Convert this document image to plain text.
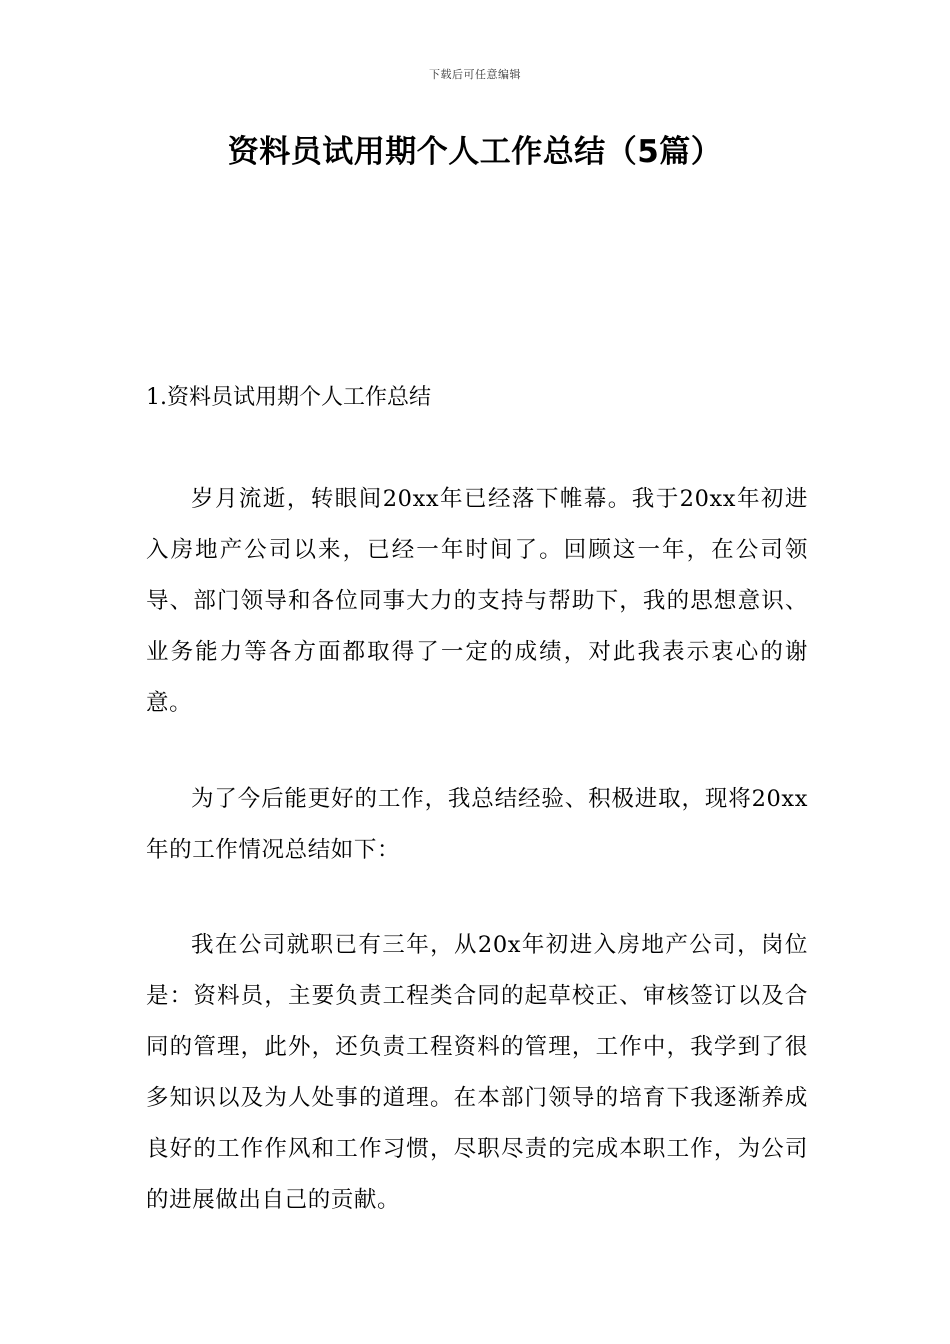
下载后可任意编辑
资料员试用期个人工作总结（5篇）
1.资料员试用期个人工作总结

岁月流逝，转眼间20xx年已经落下帷幕。我于20xx年初进入房地产公司以来，已经一年时间了。回顾这一年，在公司领导、部门领导和各位同事大力的支持与帮助下，我的思想意识、业务能力等各方面都取得了一定的成绩，对此我表示衷心的谢意。

为了今后能更好的工作，我总结经验、积极进取，现将20xx年的工作情况总结如下：

我在公司就职已有三年，从20x年初进入房地产公司，岗位是：资料员，主要负责工程类合同的起草校正、审核签订以及合同的管理，此外，还负责工程资料的管理，工作中，我学到了很多知识以及为人处事的道理。在本部门领导的培育下我逐渐养成良好的工作作风和工作习惯，尽职尽责的完成本职工作，为公司的进展做出自己的贡献。
